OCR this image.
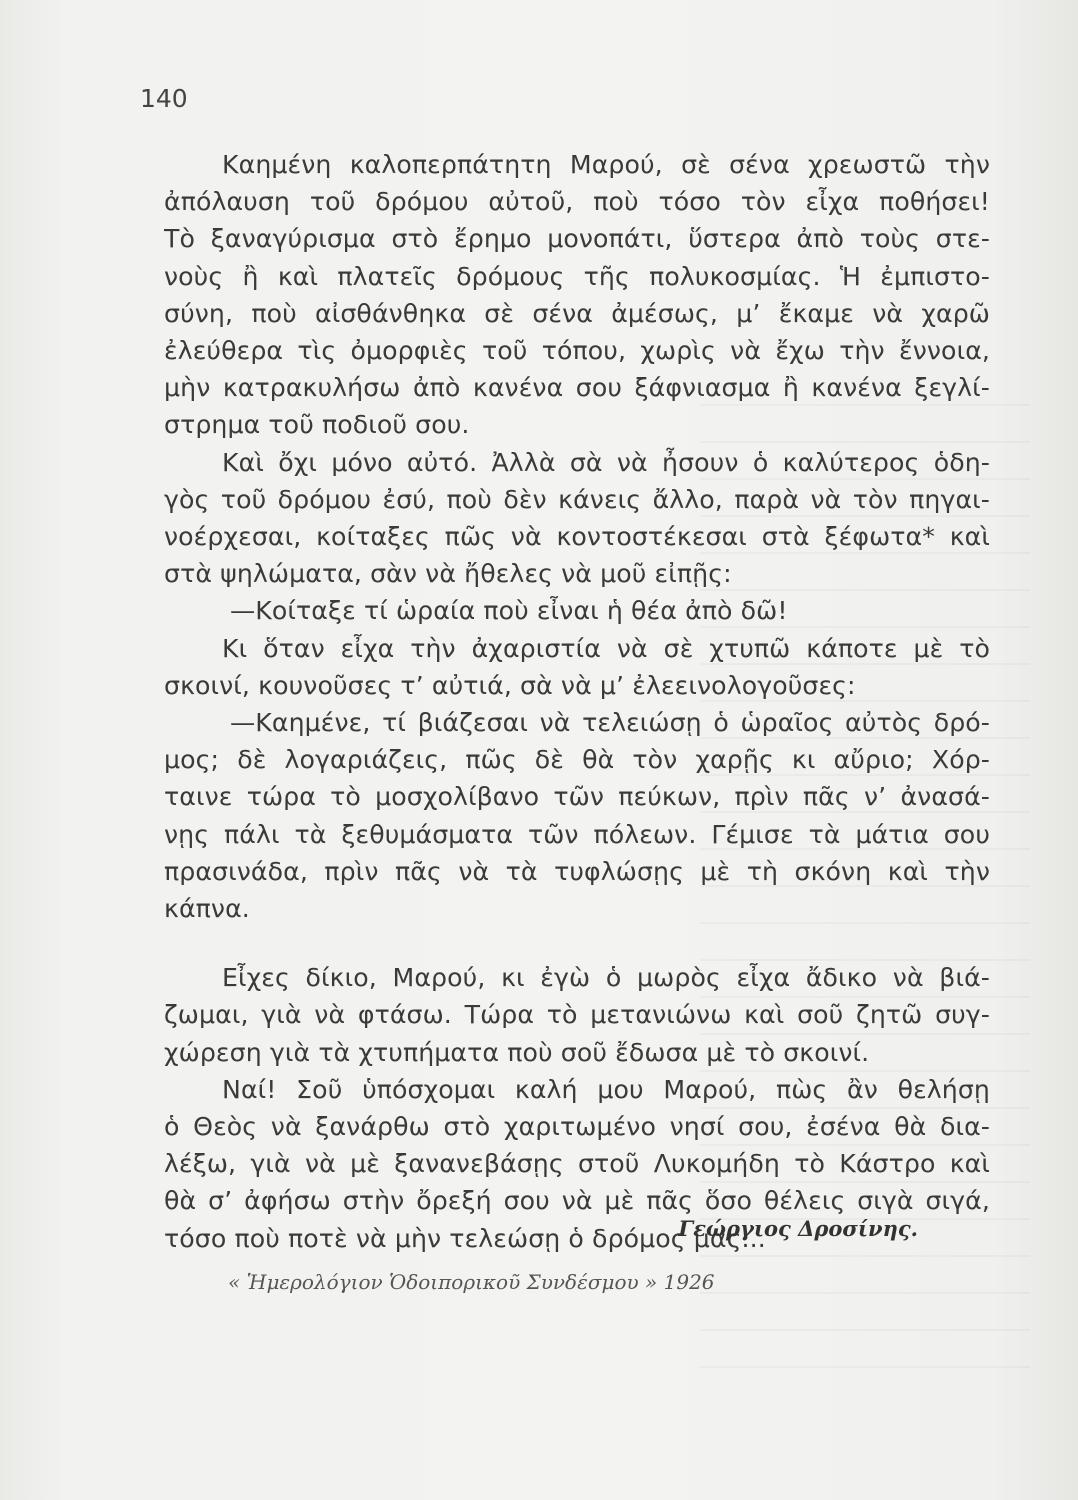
140

Καημένη καλοπερπάτητη Μαρού, σὲ σένα χρεωστῶ τὴν

ἀπόλαυση τοῦ δρόμου αὐτοῦ, ποὺ τόσο τὸν εἶχα ποθήσει!

Τὸ ξαναγύρισμα στὸ ἔρημο μονοπάτι, ὕστερα ἀπὸ τοὺς στε-

νοὺς ἢ καὶ πλατεῖς δρόμους τῆς πολυκοσμίας. Ἡ ἐμπιστο-

σύνη, ποὺ αἰσθάνθηκα σὲ σένα ἀμέσως, μ’ ἔκαμε νὰ χαρῶ

ἐλεύθερα τὶς ὀμορφιὲς τοῦ τόπου, χωρὶς νὰ ἔχω τὴν ἔννοια,

μὴν κατρακυλήσω ἀπὸ κανένα σου ξάφνιασμα ἢ κανένα ξεγλί-

στρημα τοῦ ποδιοῦ σου.

Καὶ ὄχι μόνο αὐτό. Ἀλλὰ σὰ νὰ ἦσουν ὁ καλύτερος ὁδη-

γὸς τοῦ δρόμου ἐσύ, ποὺ δὲν κάνεις ἄλλο, παρὰ νὰ τὸν πηγαι-

νοέρχεσαι, κοίταξες πῶς νὰ κοντοστέκεσαι στὰ ξέφωτα* καὶ

στὰ ψηλώματα, σὰν νὰ ἤθελες νὰ μοῦ εἰπῇς:

—Κοίταξε τί ὡραία ποὺ εἶναι ἡ θέα ἀπὸ δῶ!

Κι ὅταν εἶχα τὴν ἀχαριστία νὰ σὲ χτυπῶ κάποτε μὲ τὸ

σκοινί, κουνοῦσες τ’ αὐτιά, σὰ νὰ μ’ ἐλεεινολογοῦσες:

—Καημένε, τί βιάζεσαι νὰ τελειώσῃ ὁ ὡραῖος αὐτὸς δρό-

μος; δὲ λογαριάζεις, πῶς δὲ θὰ τὸν χαρῇς κι αὔριο; Χόρ-

ταινε τώρα τὸ μοσχολίβανο τῶν πεύκων, πρὶν πᾶς ν’ ἀνασά-

νῃς πάλι τὰ ξεθυμάσματα τῶν πόλεων. Γέμισε τὰ μάτια σου

πρασινάδα, πρὶν πᾶς νὰ τὰ τυφλώσῃς μὲ τὴ σκόνη καὶ τὴν

κάπνα.

Εἶχες δίκιο, Μαρού, κι ἐγὼ ὁ μωρὸς εἶχα ἄδικο νὰ βιά-

ζωμαι, γιὰ νὰ φτάσω. Τώρα τὸ μετανιώνω καὶ σοῦ ζητῶ συγ-

χώρεση γιὰ τὰ χτυπήματα ποὺ σοῦ ἔδωσα μὲ τὸ σκοινί.

Ναί! Σοῦ ὑπόσχομαι καλή μου Μαρού, πὼς ἂν θελήσῃ

ὁ Θεὸς νὰ ξανάρθω στὸ χαριτωμένο νησί σου, ἐσένα θὰ δια-

λέξω, γιὰ νὰ μὲ ξανανεβάσῃς στοῦ Λυκομήδη τὸ Κάστρο καὶ

θὰ σ’ ἀφήσω στὴν ὄρεξή σου νὰ μὲ πᾶς ὅσο θέλεις σιγὰ σιγά,

τόσο ποὺ ποτὲ νὰ μὴν τελεώσῃ ὁ δρόμος μας...

Γεώργιος Δροσίνης.
« Ἡμερολόγιον Ὁδοιπορικοῦ Συνδέσμου » 1926
